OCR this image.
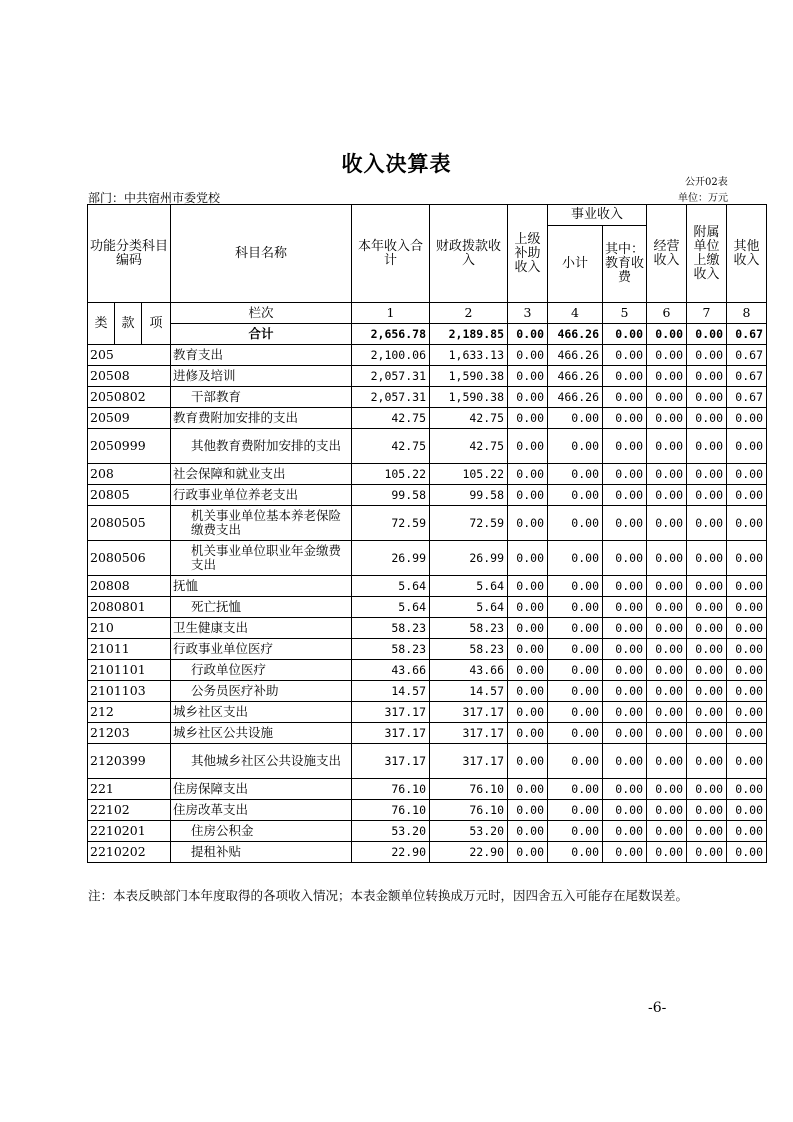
收入决算表
公开02表
部门：中共宿州市委党校	单位：万元
功能分类科目编码			科目名称	本年收入合计	财政拨款收入	上级补助收入	事业收入		经营收入	附属单位上缴收入	其他收入
							小计	其中：教育收费			
类	款	项	栏次	1	2	3	4	5	6	7	8
			合计	2,656.78	2,189.85	0.00	466.26	0.00	0.00	0.00	0.67
205			教育支出	2,100.06	1,633.13	0.00	466.26	0.00	0.00	0.00	0.67
20508			进修及培训	2,057.31	1,590.38	0.00	466.26	0.00	0.00	0.00	0.67
2050802			干部教育	2,057.31	1,590.38	0.00	466.26	0.00	0.00	0.00	0.67
20509			教育费附加安排的支出	42.75	42.75	0.00	0.00	0.00	0.00	0.00	0.00
2050999			其他教育费附加安排的支出	42.75	42.75	0.00	0.00	0.00	0.00	0.00	0.00
208			社会保障和就业支出	105.22	105.22	0.00	0.00	0.00	0.00	0.00	0.00
20805			行政事业单位养老支出	99.58	99.58	0.00	0.00	0.00	0.00	0.00	0.00
2080505			机关事业单位基本养老保险缴费支出	72.59	72.59	0.00	0.00	0.00	0.00	0.00	0.00
2080506			机关事业单位职业年金缴费支出	26.99	26.99	0.00	0.00	0.00	0.00	0.00	0.00
20808			抚恤	5.64	5.64	0.00	0.00	0.00	0.00	0.00	0.00
2080801			死亡抚恤	5.64	5.64	0.00	0.00	0.00	0.00	0.00	0.00
210			卫生健康支出	58.23	58.23	0.00	0.00	0.00	0.00	0.00	0.00
21011			行政事业单位医疗	58.23	58.23	0.00	0.00	0.00	0.00	0.00	0.00
2101101			行政单位医疗	43.66	43.66	0.00	0.00	0.00	0.00	0.00	0.00
2101103			公务员医疗补助	14.57	14.57	0.00	0.00	0.00	0.00	0.00	0.00
212			城乡社区支出	317.17	317.17	0.00	0.00	0.00	0.00	0.00	0.00
21203			城乡社区公共设施	317.17	317.17	0.00	0.00	0.00	0.00	0.00	0.00
2120399			其他城乡社区公共设施支出	317.17	317.17	0.00	0.00	0.00	0.00	0.00	0.00
221			住房保障支出	76.10	76.10	0.00	0.00	0.00	0.00	0.00	0.00
22102			住房改革支出	76.10	76.10	0.00	0.00	0.00	0.00	0.00	0.00
2210201			住房公积金	53.20	53.20	0.00	0.00	0.00	0.00	0.00	0.00
2210202			提租补贴	22.90	22.90	0.00	0.00	0.00	0.00	0.00	0.00
注：本表反映部门本年度取得的各项收入情况；本表金额单位转换成万元时，因四舍五入可能存在尾数误差。
-6-
